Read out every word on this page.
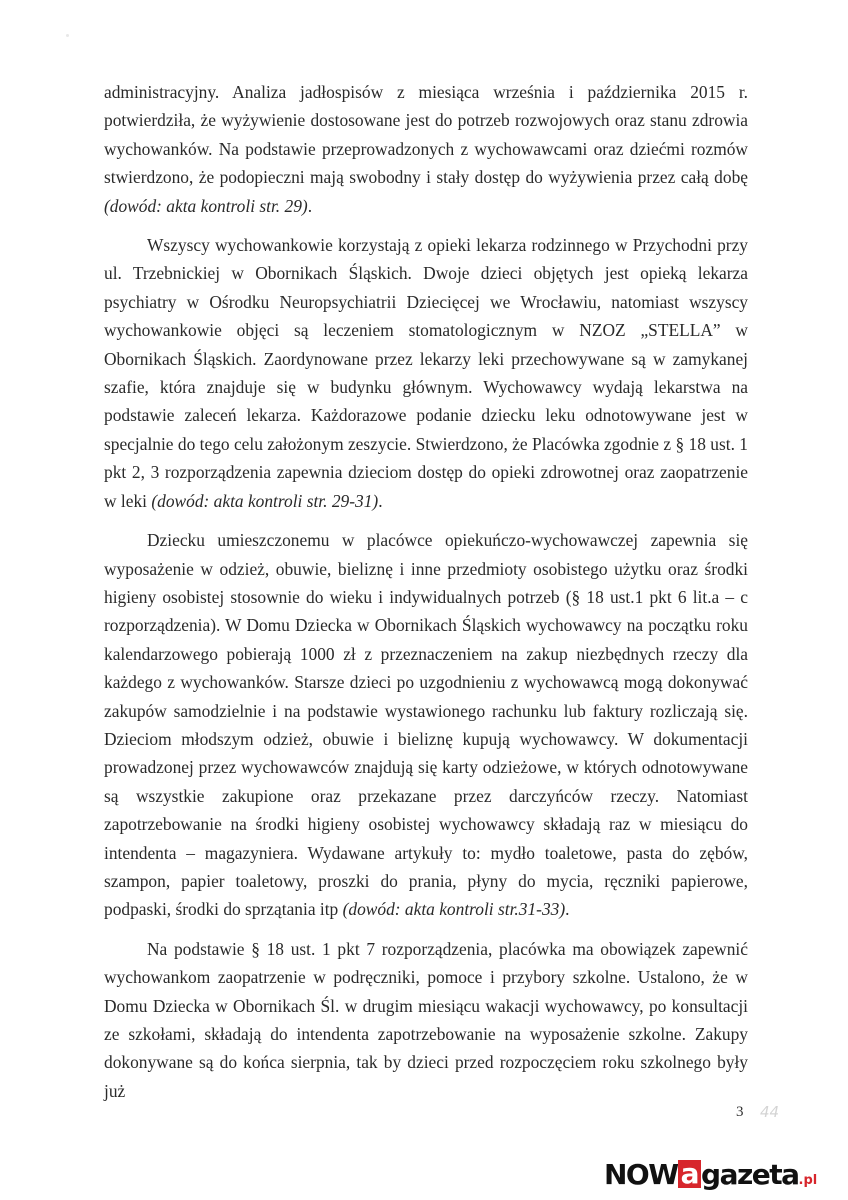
administracyjny. Analiza jadłospisów z miesiąca września i października 2015 r. potwierdziła, że wyżywienie dostosowane jest do potrzeb rozwojowych oraz stanu zdrowia wychowanków. Na podstawie przeprowadzonych z wychowawcami oraz dziećmi rozmów stwierdzono, że podopieczni mają swobodny i stały dostęp do wyżywienia przez całą dobę (dowód: akta kontroli str. 29).

Wszyscy wychowankowie korzystają z opieki lekarza rodzinnego w Przychodni przy ul. Trzebnickiej w Obornikach Śląskich. Dwoje dzieci objętych jest opieką lekarza psychiatry w Ośrodku Neuropsychiatrii Dziecięcej we Wrocławiu, natomiast wszyscy wychowankowie objęci są leczeniem stomatologicznym w NZOZ „STELLA” w Obornikach Śląskich. Zaordynowane przez lekarzy leki przechowywane są w zamykanej szafie, która znajduje się w budynku głównym. Wychowawcy wydają lekarstwa na podstawie zaleceń lekarza. Każdorazowe podanie dziecku leku odnotowywane jest w specjalnie do tego celu założonym zeszycie. Stwierdzono, że Placówka zgodnie z § 18 ust. 1 pkt 2, 3 rozporządzenia zapewnia dzieciom dostęp do opieki zdrowotnej oraz zaopatrzenie w leki (dowód: akta kontroli str. 29-31).

Dziecku umieszczonemu w placówce opiekuńczo-wychowawczej zapewnia się wyposażenie w odzież, obuwie, bieliznę i inne przedmioty osobistego użytku oraz środki higieny osobistej stosownie do wieku i indywidualnych potrzeb (§ 18 ust.1 pkt 6 lit.a – c rozporządzenia). W Domu Dziecka w Obornikach Śląskich wychowawcy na początku roku kalendarzowego pobierają 1000 zł z przeznaczeniem na zakup niezbędnych rzeczy dla każdego z wychowanków. Starsze dzieci po uzgodnieniu z wychowawcą mogą dokonywać zakupów samodzielnie i na podstawie wystawionego rachunku lub faktury rozliczają się. Dzieciom młodszym odzież, obuwie i bieliznę kupują wychowawcy. W dokumentacji prowadzonej przez wychowawców znajdują się karty odzieżowe, w których odnotowywane są wszystkie zakupione oraz przekazane przez darczyńców rzeczy. Natomiast zapotrzebowanie na środki higieny osobistej wychowawcy składają raz w miesiącu do intendenta – magazyniera. Wydawane artykuły to: mydło toaletowe, pasta do zębów, szampon, papier toaletowy, proszki do prania, płyny do mycia, ręczniki papierowe, podpaski, środki do sprzątania itp (dowód: akta kontroli str.31-33).

Na podstawie § 18 ust. 1 pkt 7 rozporządzenia, placówka ma obowiązek zapewnić wychowankom zaopatrzenie w podręczniki, pomoce i przybory szkolne. Ustalono, że w Domu Dziecka w Obornikach Śl. w drugim miesiącu wakacji wychowawcy, po konsultacji ze szkołami, składają do intendenta zapotrzebowanie na wyposażenie szkolne. Zakupy dokonywane są do końca sierpnia, tak by dzieci przed rozpoczęciem roku szkolnego były już

3 44
NOW a gazeta.pl
